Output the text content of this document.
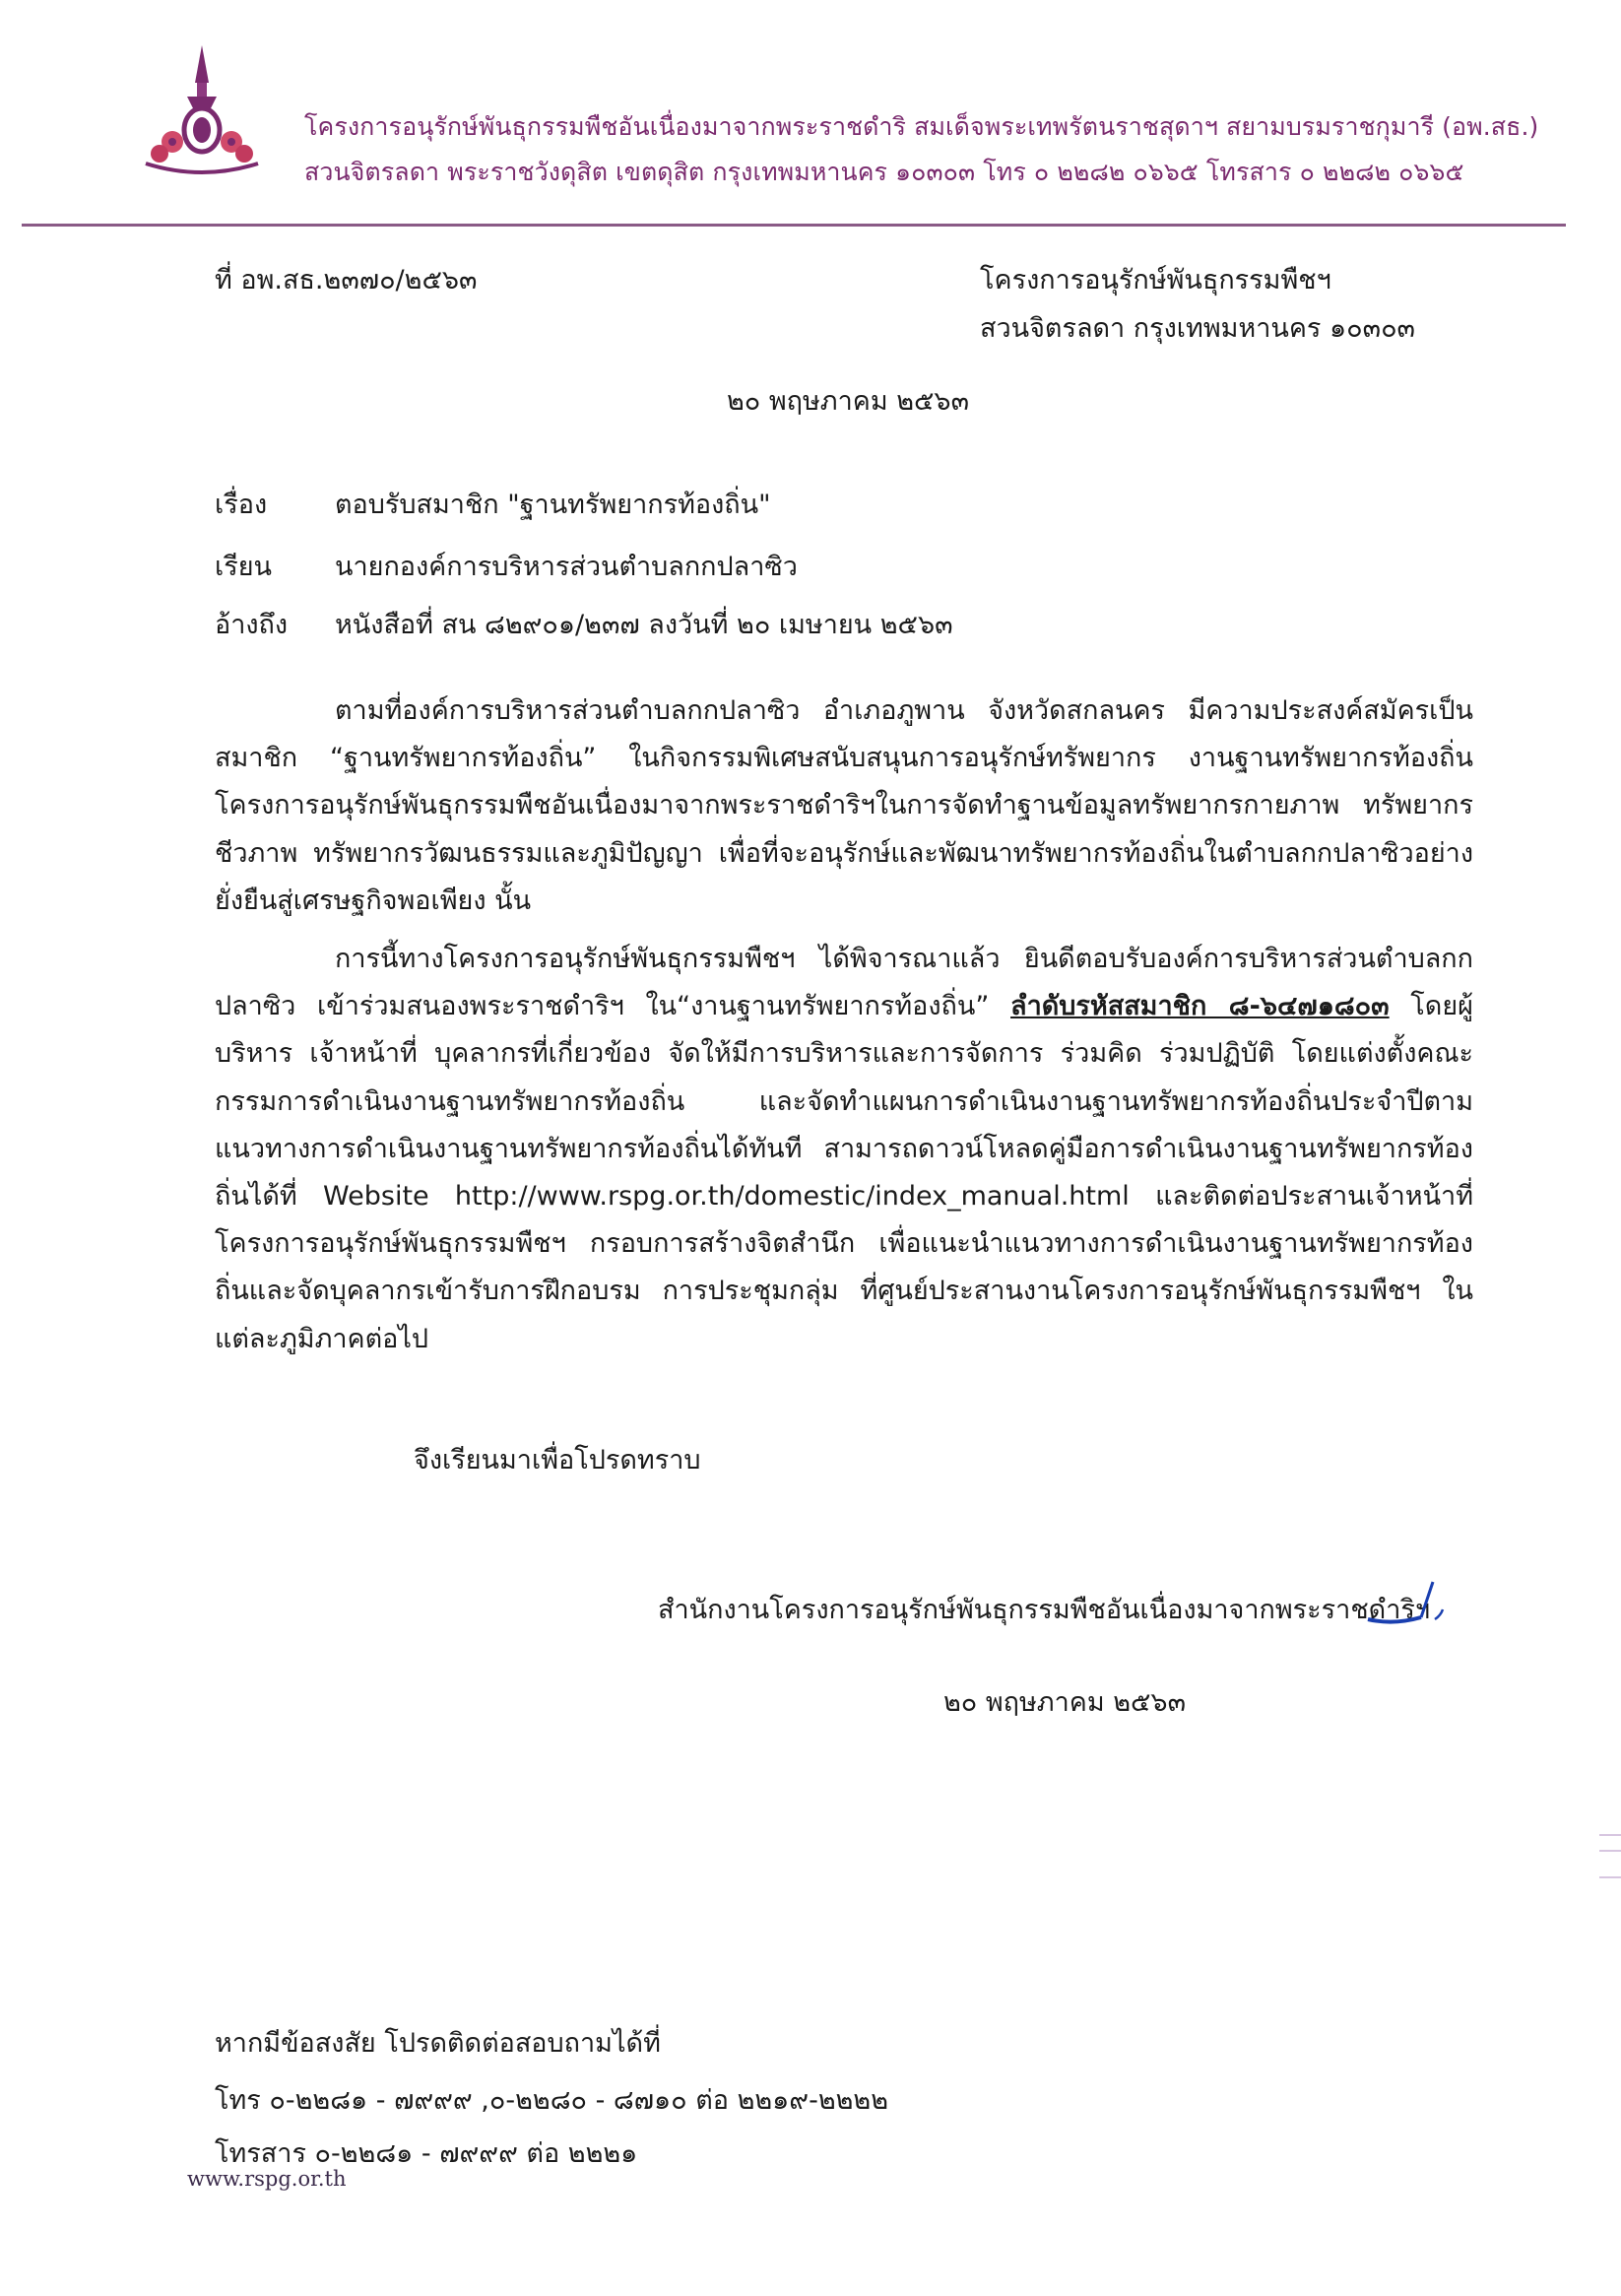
โครงการอนุรักษ์พันธุกรรมพืชอันเนื่องมาจากพระราชดำริ สมเด็จพระเทพรัตนราชสุดาฯ สยามบรมราชกุมารี (อพ.สธ.)
สวนจิตรลดา พระราชวังดุสิต เขตดุสิต กรุงเทพมหานคร ๑๐๓๐๓ โทร ๐ ๒๒๘๒ ๐๖๖๕ โทรสาร ๐ ๒๒๘๒ ๐๖๖๕
ที่ อพ.สธ.๒๓๗๐/๒๕๖๓	โครงการอนุรักษ์พันธุกรรมพืชฯ
สวนจิตรลดา กรุงเทพมหานคร ๑๐๓๐๓
๒๐ พฤษภาคม ๒๕๖๓
เรื่อง	ตอบรับสมาชิก "ฐานทรัพยากรท้องถิ่น"
เรียน นายกองค์การบริหารส่วนตำบลกกปลาซิว
อ้างถึง หนังสือที่ สน ๘๒๙๐๑/๒๓๗ ลงวันที่ ๒๐ เมษายน ๒๕๖๓
ตามที่องค์การบริหารส่วนตำบลกกปลาซิว อำเภอภูพาน จังหวัดสกลนคร มีความประสงค์สมัครเป็นสมาชิก “ฐานทรัพยากรท้องถิ่น” ในกิจกรรมพิเศษสนับสนุนการอนุรักษ์ทรัพยากร งานฐานทรัพยากรท้องถิ่น โครงการอนุรักษ์พันธุกรรมพืชอันเนื่องมาจากพระราชดำริฯในการจัดทำฐานข้อมูลทรัพยากรกายภาพ ทรัพยากรชีวภาพ ทรัพยากรวัฒนธรรมและภูมิปัญญา เพื่อที่จะอนุรักษ์และพัฒนาทรัพยากรท้องถิ่นในตำบลกกปลาซิวอย่างยั่งยืนสู่เศรษฐกิจพอเพียง นั้น
การนี้ทางโครงการอนุรักษ์พันธุกรรมพืชฯ ได้พิจารณาแล้ว ยินดีตอบรับองค์การบริหารส่วนตำบลกกปลาซิว เข้าร่วมสนองพระราชดำริฯ ใน“งานฐานทรัพยากรท้องถิ่น” ลำดับรหัสสมาชิก ๘-๖๔๗๑๘๐๓ โดยผู้บริหาร เจ้าหน้าที่ บุคลากรที่เกี่ยวข้อง จัดให้มีการบริหารและการจัดการ ร่วมคิด ร่วมปฏิบัติ โดยแต่งตั้งคณะกรรมการดำเนินงานฐานทรัพยากรท้องถิ่น และจัดทำแผนการดำเนินงานฐานทรัพยากรท้องถิ่นประจำปีตามแนวทางการดำเนินงานฐานทรัพยากรท้องถิ่นได้ทันที สามารถดาวน์โหลดคู่มือการดำเนินงานฐานทรัพยากรท้องถิ่นได้ที่ Website http://www.rspg.or.th/domestic/index_manual.html และติดต่อประสานเจ้าหน้าที่โครงการอนุรักษ์พันธุกรรมพืชฯ กรอบการสร้างจิตสำนึก เพื่อแนะนำแนวทางการดำเนินงานฐานทรัพยากรท้องถิ่นและจัดบุคลากรเข้ารับการฝึกอบรม การประชุมกลุ่ม ที่ศูนย์ประสานงานโครงการอนุรักษ์พันธุกรรมพืชฯ ในแต่ละภูมิภาคต่อไป
จึงเรียนมาเพื่อโปรดทราบ
สำนักงานโครงการอนุรักษ์พันธุกรรมพืชอันเนื่องมาจากพระราชดำริฯ
๒๐ พฤษภาคม ๒๕๖๓
หากมีข้อสงสัย โปรดติดต่อสอบถามได้ที่
โทร ๐-๒๒๘๑ - ๗๙๙๙ ,๐-๒๒๘๐ - ๘๗๑๐ ต่อ ๒๒๑๙-๒๒๒๒
โทรสาร ๐-๒๒๘๑ - ๗๙๙๙ ต่อ ๒๒๒๑
www.rspg.or.th
